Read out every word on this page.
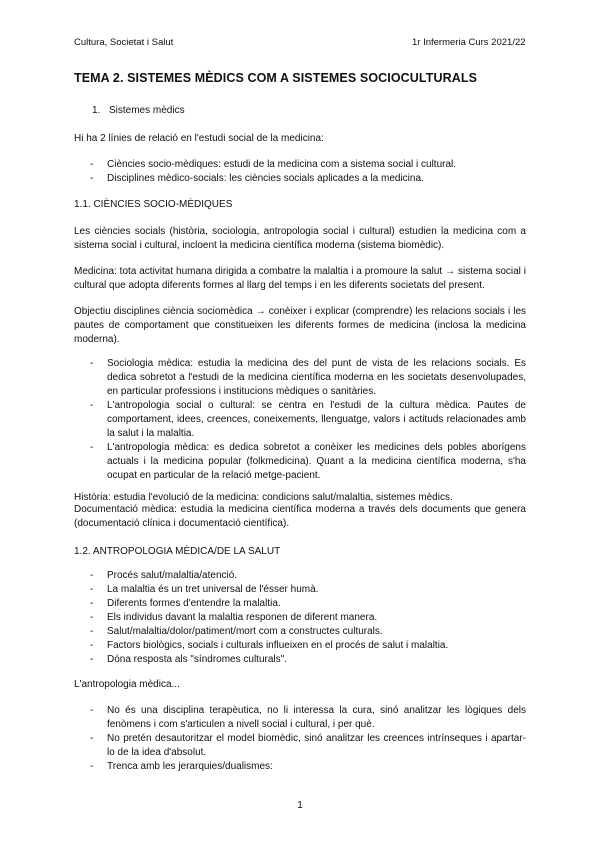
Cultura, Societat i Salut	1r Infermeria Curs 2021/22
TEMA 2. SISTEMES MÈDICS COM A SISTEMES SOCIOCULTURALS
1. Sistemes mèdics
Hi ha 2 línies de relació en l'estudi social de la medicina:
- Ciències socio-mèdiques: estudi de la medicina com a sistema social i cultural.
- Disciplines mèdico-socials: les ciències socials aplicades a la medicina.
1.1. CIÈNCIES SOCIO-MÈDIQUES
Les ciències socials (història, sociologia, antropologia social i cultural) estudien la medicina com a sistema social i cultural, incloent la medicina científica moderna (sistema biomèdic).
Medicina: tota activitat humana dirigida a combatre la malaltia i a promoure la salut → sistema social i cultural que adopta diferents formes al llarg del temps i en les diferents societats del present.
Objectiu disciplines ciència sociomèdica → conèixer i explicar (comprendre) les relacions socials i les pautes de comportament que constitueixen les diferents formes de medicina (inclosa la medicina moderna).
- Sociologia mèdica: estudia la medicina des del punt de vista de les relacions socials. Es dedica sobretot a l'estudi de la medicina científica moderna en les societats desenvolupades, en particular professions i institucions mèdiques o sanitàries.
- L'antropologia social o cultural: se centra en l'estudi de la cultura mèdica. Pautes de comportament, idees, creences, coneixements, llenguatge, valors i actituds relacionades amb la salut i la malaltia.
- L'antropologia mèdica: es dedica sobretot a conèixer les medicines dels pobles aborígens actuals i la medicina popular (folkmedicina). Quant a la medicina científica moderna, s'ha ocupat en particular de la relació metge-pacient.
Història: estudia l'evolució de la medicina: condicions salut/malaltia, sistemes mèdics.
Documentació mèdica: estudia la medicina científica moderna a través dels documents que genera (documentació clínica i documentació científica).
1.2. ANTROPOLOGIA MÈDICA/DE LA SALUT
- Procés salut/malaltia/atenció.
- La malaltia és un tret universal de l'ésser humà.
- Diferents formes d'entendre la malaltia.
- Els individus davant la malaltia responen de diferent manera.
- Salut/malaltia/dolor/patiment/mort com a constructes culturals.
- Factors biològics, socials i culturals influeixen en el procés de salut i malaltia.
- Dóna resposta als "síndromes culturals".
L'antropologia mèdica...
- No és una disciplina terapèutica, no li interessa la cura, sinó analitzar les lògiques dels fenòmens i com s'articulen a nivell social i cultural, i per què.
- No pretén desautoritzar el model biomèdic, sinó analitzar les creences intrínseques i apartar-lo de la idea d'absolut.
- Trenca amb les jerarquies/dualismes:
1
